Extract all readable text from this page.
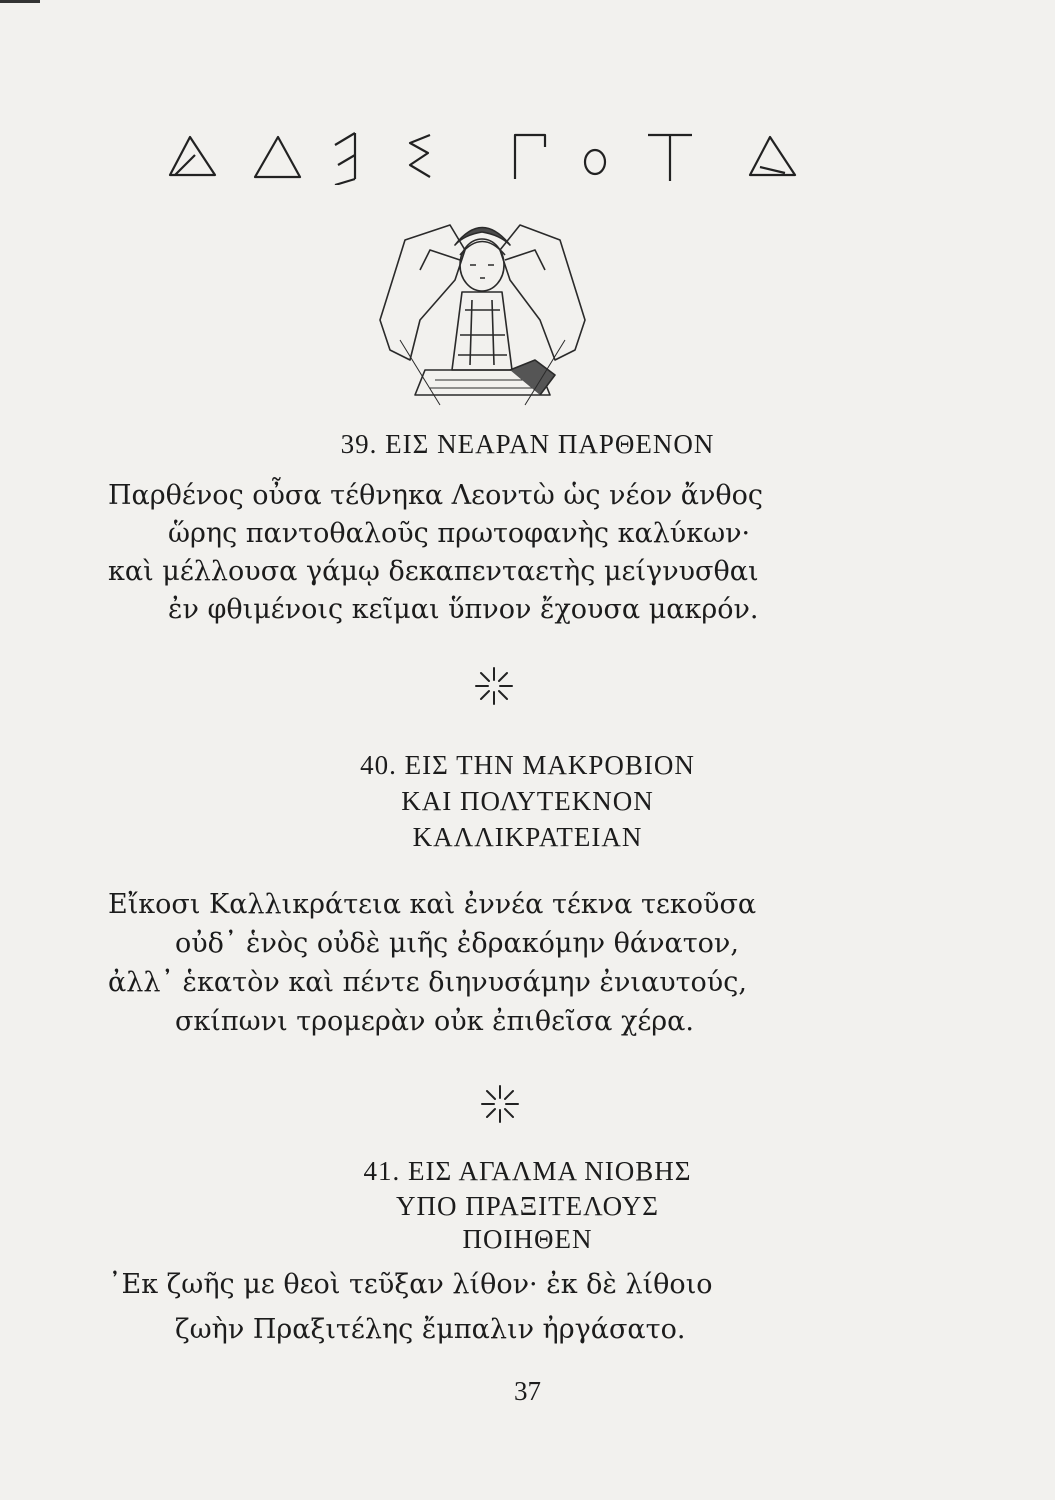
39. ΕΙΣ ΝΕΑΡΑΝ ΠΑΡΘΕΝΟΝ
Παρθένος οὖσα τέθνηκα Λεοντὼ ὡς νέον ἄνθος
ὥρης παντοθαλοῦς πρωτοφανὴς καλύκων·
καὶ μέλλουσα γάμῳ δεκαπενταετὴς μείγνυσθαι
ἐν φθιμένοις κεῖμαι ὕπνον ἔχουσα μακρόν.
40. ΕΙΣ ΤΗΝ ΜΑΚΡΟΒΙΟΝ
ΚΑΙ ΠΟΛΥΤΕΚΝΟΝ
ΚΑΛΛΙΚΡΑΤΕΙΑΝ
Εἴκοσι Καλλικράτεια καὶ ἐννέα τέκνα τεκοῦσα
οὐδ᾽ ἑνὸς οὐδὲ μιῆς ἐδρακόμην θάνατον,
ἀλλ᾽ ἑκατὸν καὶ πέντε διηνυσάμην ἐνιαυτούς,
σκίπωνι τρομερὰν οὐκ ἐπιθεῖσα χέρα.
41. ΕΙΣ ΑΓΑΛΜΑ ΝΙΟΒΗΣ
ΥΠΟ ΠΡΑΞΙΤΕΛΟΥΣ
ΠΟΙΗΘΕΝ
᾽Εκ ζωῆς με θεοὶ τεῦξαν λίθον· ἐκ δὲ λίθοιο
ζωὴν Πραξιτέλης ἔμπαλιν ἠργάσατο.
37
